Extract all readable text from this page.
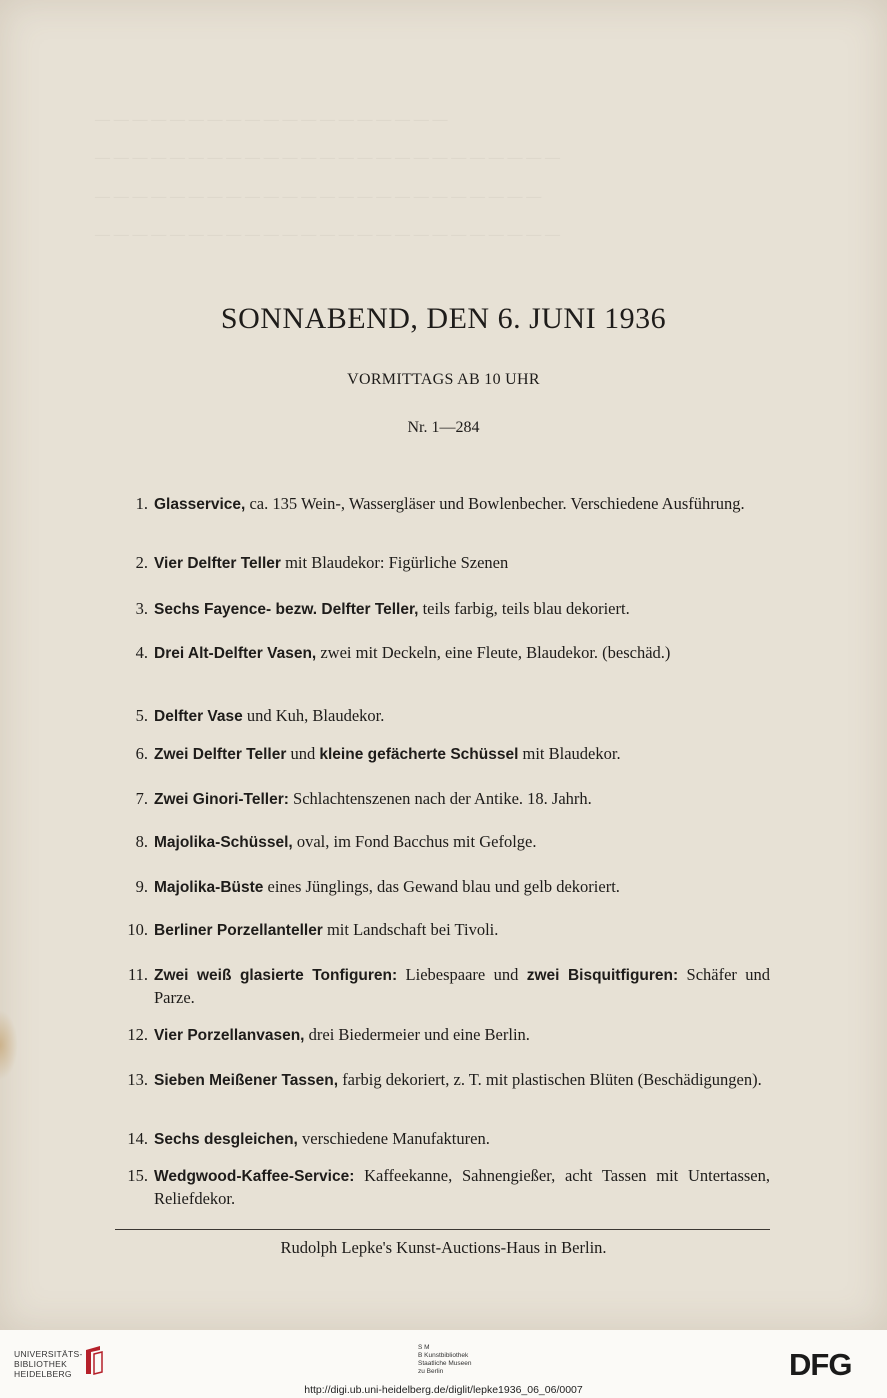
— — — — — — — — — — — — — — — — — — —
— — — — — — — — — — — — — — — — — — — — — — — — —
— — — — — — — — — — — — — — — — — — — — — — — —
— — — — — — — — — — — — — — — — — — — — — — — — —
SONNABEND, DEN 6. JUNI 1936
VORMITTAGS AB 10 UHR
Nr. 1—284
1. Glasservice, ca. 135 Wein-, Wassergläser und Bowlenbecher. Verschiedene Ausführung.
2. Vier Delfter Teller mit Blaudekor: Figürliche Szenen
3. Sechs Fayence- bezw. Delfter Teller, teils farbig, teils blau dekoriert.
4. Drei Alt-Delfter Vasen, zwei mit Deckeln, eine Fleute, Blaudekor. (beschäd.)
5. Delfter Vase und Kuh, Blaudekor.
6. Zwei Delfter Teller und kleine gefächerte Schüssel mit Blaudekor.
7. Zwei Ginori-Teller: Schlachtenszenen nach der Antike. 18. Jahrh.
8. Majolika-Schüssel, oval, im Fond Bacchus mit Gefolge.
9. Majolika-Büste eines Jünglings, das Gewand blau und gelb dekoriert.
10. Berliner Porzellanteller mit Landschaft bei Tivoli.
11. Zwei weiß glasierte Tonfiguren: Liebespaare und zwei Bisquitfiguren: Schäfer und Parze.
12. Vier Porzellanvasen, drei Biedermeier und eine Berlin.
13. Sieben Meißener Tassen, farbig dekoriert, z. T. mit plastischen Blüten (Beschädigungen).
14. Sechs desgleichen, verschiedene Manufakturen.
15. Wedgwood-Kaffee-Service: Kaffeekanne, Sahnengießer, acht Tassen mit Untertassen, Reliefdekor.
Rudolph Lepke's Kunst-Auctions-Haus in Berlin.
UNIVERSITÄTS-
BIBLIOTHEK
HEIDELBERG
S M
B Kunstbibliothek
Staatliche Museen
zu Berlin	DFG
http://digi.ub.uni-heidelberg.de/diglit/lepke1936_06_06/0007
